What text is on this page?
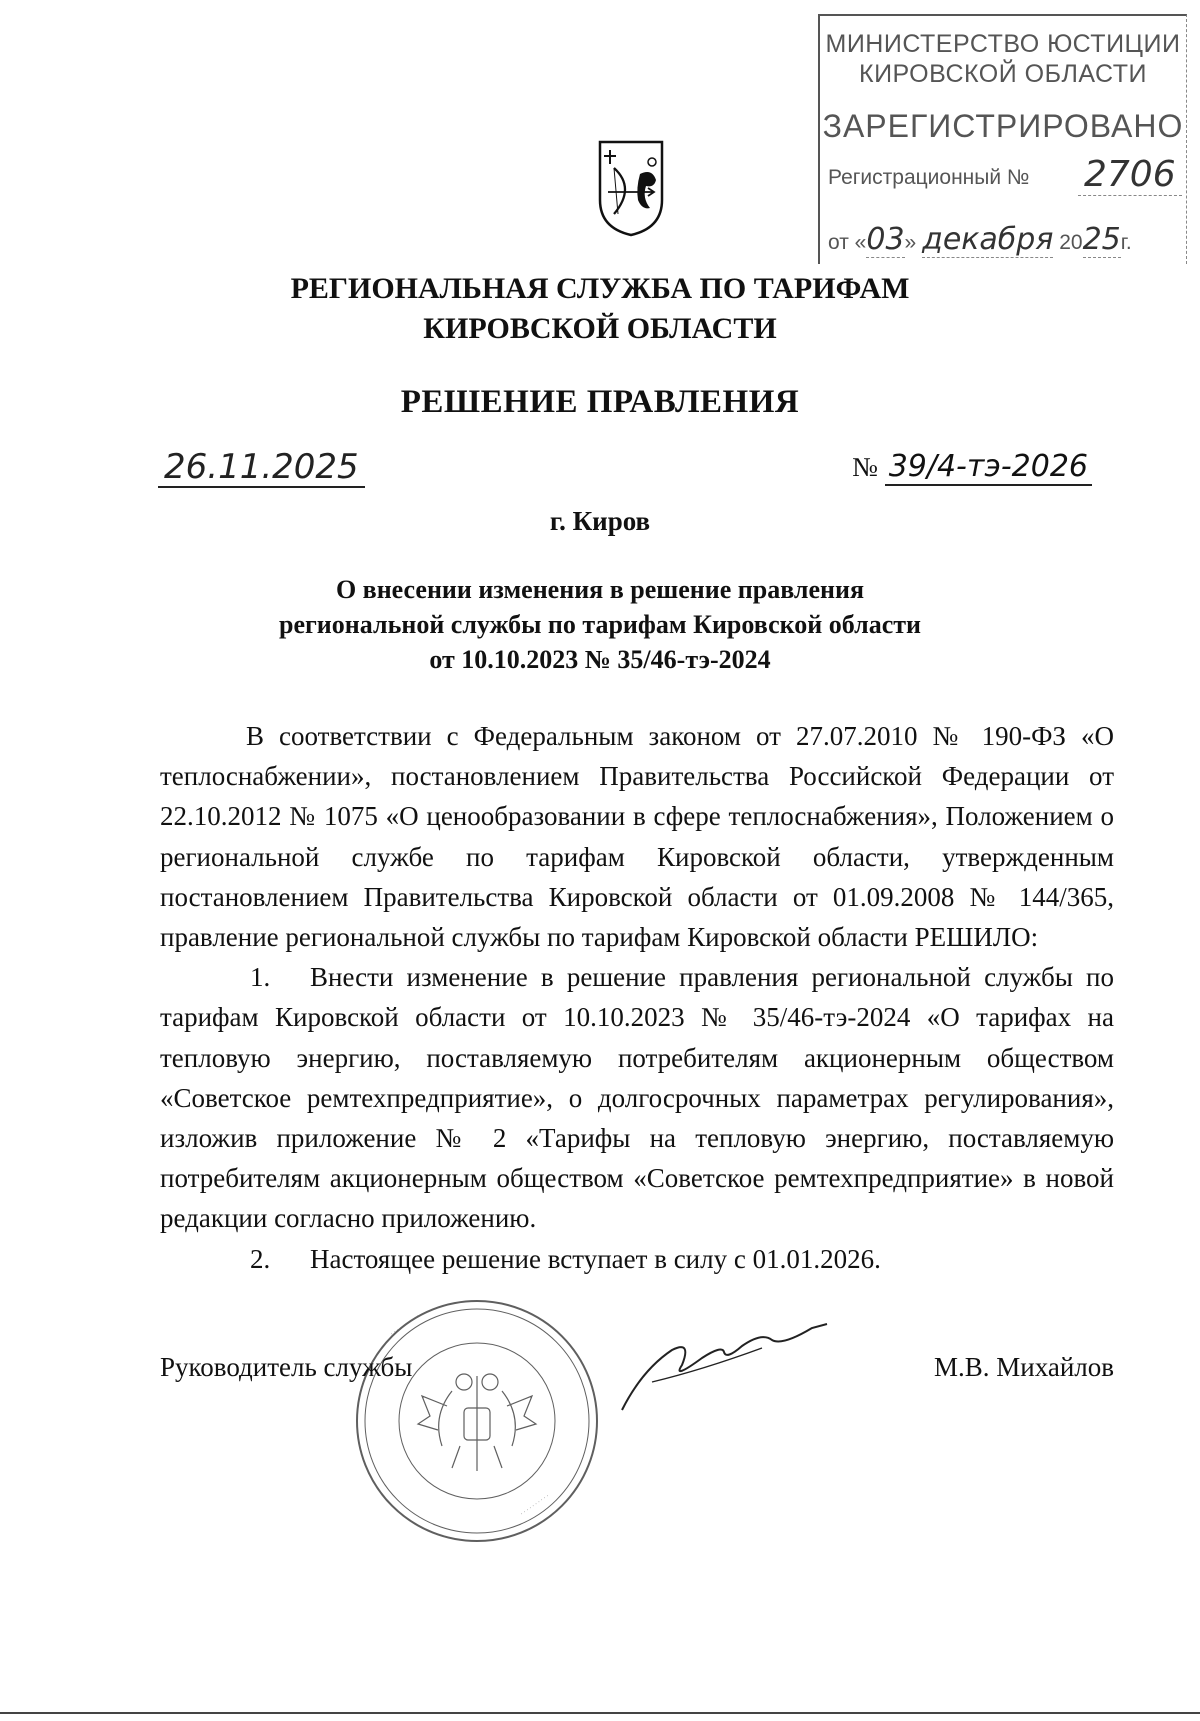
МИНИСТЕРСТВО ЮСТИЦИИ
КИРОВСКОЙ ОБЛАСТИ
ЗАРЕГИСТРИРОВАНО
Регистрационный № 2706
от «03» декабря 2025г.
РЕГИОНАЛЬНАЯ СЛУЖБА ПО ТАРИФАМ
КИРОВСКОЙ ОБЛАСТИ
РЕШЕНИЕ ПРАВЛЕНИЯ
26.11.2025	№ 39/4-тэ-2026
г. Киров
О внесении изменения в решение правления
региональной службы по тарифам Кировской области
от 10.10.2023 № 35/46-тэ-2024

В соответствии с Федеральным законом от 27.07.2010 № 190-ФЗ «О теплоснабжении», постановлением Правительства Российской Федерации от 22.10.2012 № 1075 «О ценообразовании в сфере теплоснабжения», Положением о региональной службе по тарифам Кировской области, утвержденным постановлением Правительства Кировской области от 01.09.2008 № 144/365, правление региональной службы по тарифам Кировской области РЕШИЛО:

1. Внести изменение в решение правления региональной службы по тарифам Кировской области от 10.10.2023 № 35/46-тэ-2024 «О тарифах на тепловую энергию, поставляемую потребителям акционерным обществом «Советское ремтехпредприятие», о долгосрочных параметрах регулирования», изложив приложение № 2 «Тарифы на тепловую энергию, поставляемую потребителям акционерным обществом «Советское ремтехпредприятие» в новой редакции согласно приложению.

2. Настоящее решение вступает в силу с 01.01.2026.

· · · · · · · · · ·
· · · · · · · · · ·
Руководитель службы	М.В. Михайлов
